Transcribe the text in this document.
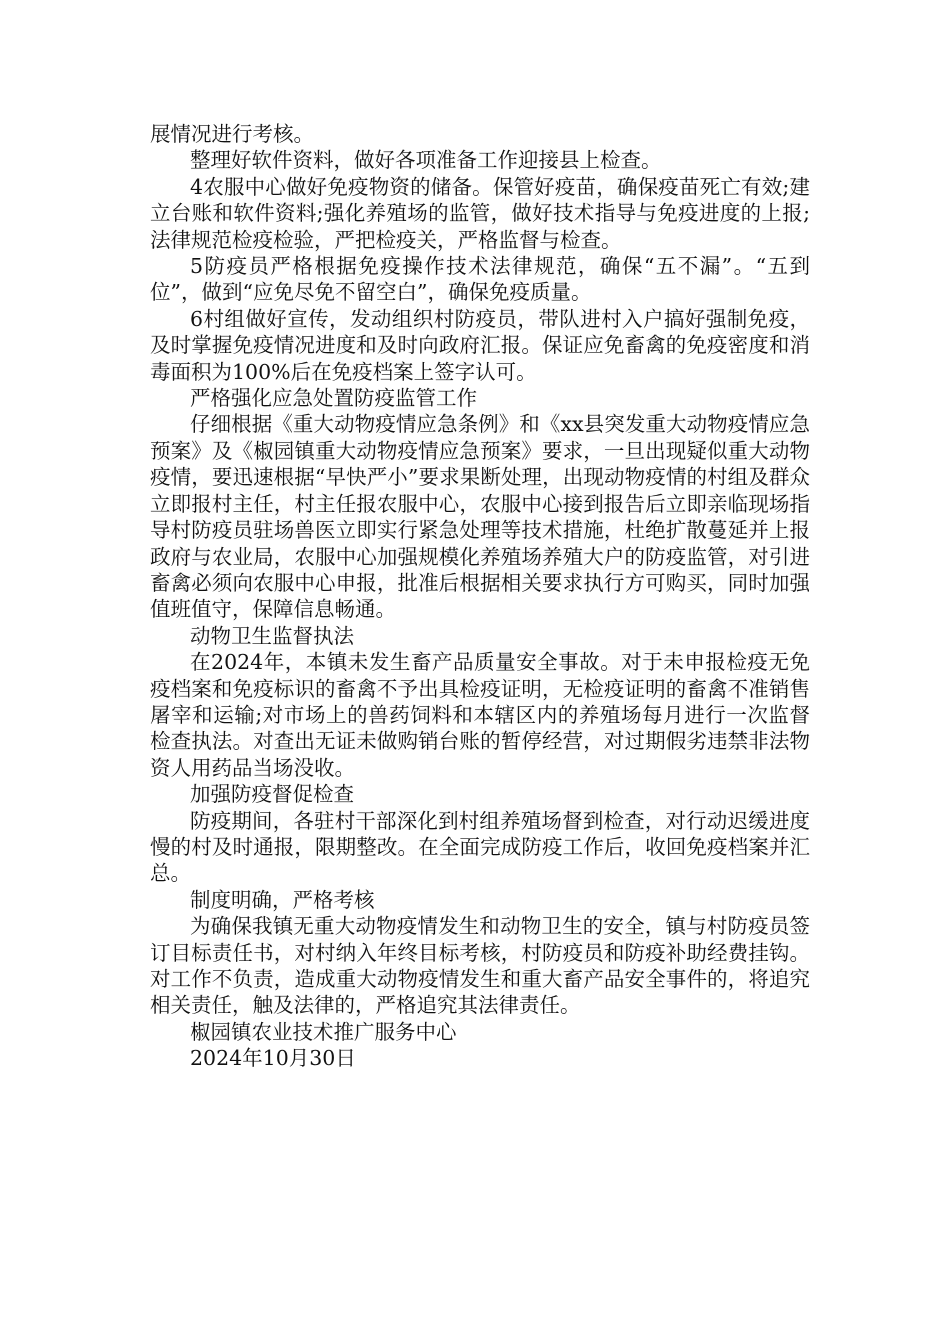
展情况进行考核。

整理好软件资料，做好各项准备工作迎接县上检查。

4农服中心做好免疫物资的储备。保管好疫苗，确保疫苗死亡有效;建立台账和软件资料;强化养殖场的监管，做好技术指导与免疫进度的上报;法律规范检疫检验，严把检疫关，严格监督与检查。

5防疫员严格根据免疫操作技术法律规范，确保“五不漏”。“五到位”，做到“应免尽免不留空白”，确保免疫质量。

6村组做好宣传，发动组织村防疫员，带队进村入户搞好强制免疫，及时掌握免疫情况进度和及时向政府汇报。保证应免畜禽的免疫密度和消毒面积为100%后在免疫档案上签字认可。

严格强化应急处置防疫监管工作

仔细根据《重大动物疫情应急条例》和《xx县突发重大动物疫情应急预案》及《椒园镇重大动物疫情应急预案》要求，一旦出现疑似重大动物疫情，要迅速根据“早快严小”要求果断处理，出现动物疫情的村组及群众立即报村主任，村主任报农服中心，农服中心接到报告后立即亲临现场指导村防疫员驻场兽医立即实行紧急处理等技术措施，杜绝扩散蔓延并上报政府与农业局，农服中心加强规模化养殖场养殖大户的防疫监管，对引进畜禽必须向农服中心申报，批准后根据相关要求执行方可购买，同时加强值班值守，保障信息畅通。

动物卫生监督执法

在2024年，本镇未发生畜产品质量安全事故。对于未申报检疫无免疫档案和免疫标识的畜禽不予出具检疫证明，无检疫证明的畜禽不准销售屠宰和运输;对市场上的兽药饲料和本辖区内的养殖场每月进行一次监督检查执法。对查出无证未做购销台账的暂停经营，对过期假劣违禁非法物资人用药品当场没收。

加强防疫督促检查

防疫期间，各驻村干部深化到村组养殖场督到检查，对行动迟缓进度慢的村及时通报，限期整改。在全面完成防疫工作后，收回免疫档案并汇总。

制度明确，严格考核

为确保我镇无重大动物疫情发生和动物卫生的安全，镇与村防疫员签订目标责任书，对村纳入年终目标考核，村防疫员和防疫补助经费挂钩。对工作不负责，造成重大动物疫情发生和重大畜产品安全事件的，将追究相关责任，触及法律的，严格追究其法律责任。

椒园镇农业技术推广服务中心

2024年10月30日
